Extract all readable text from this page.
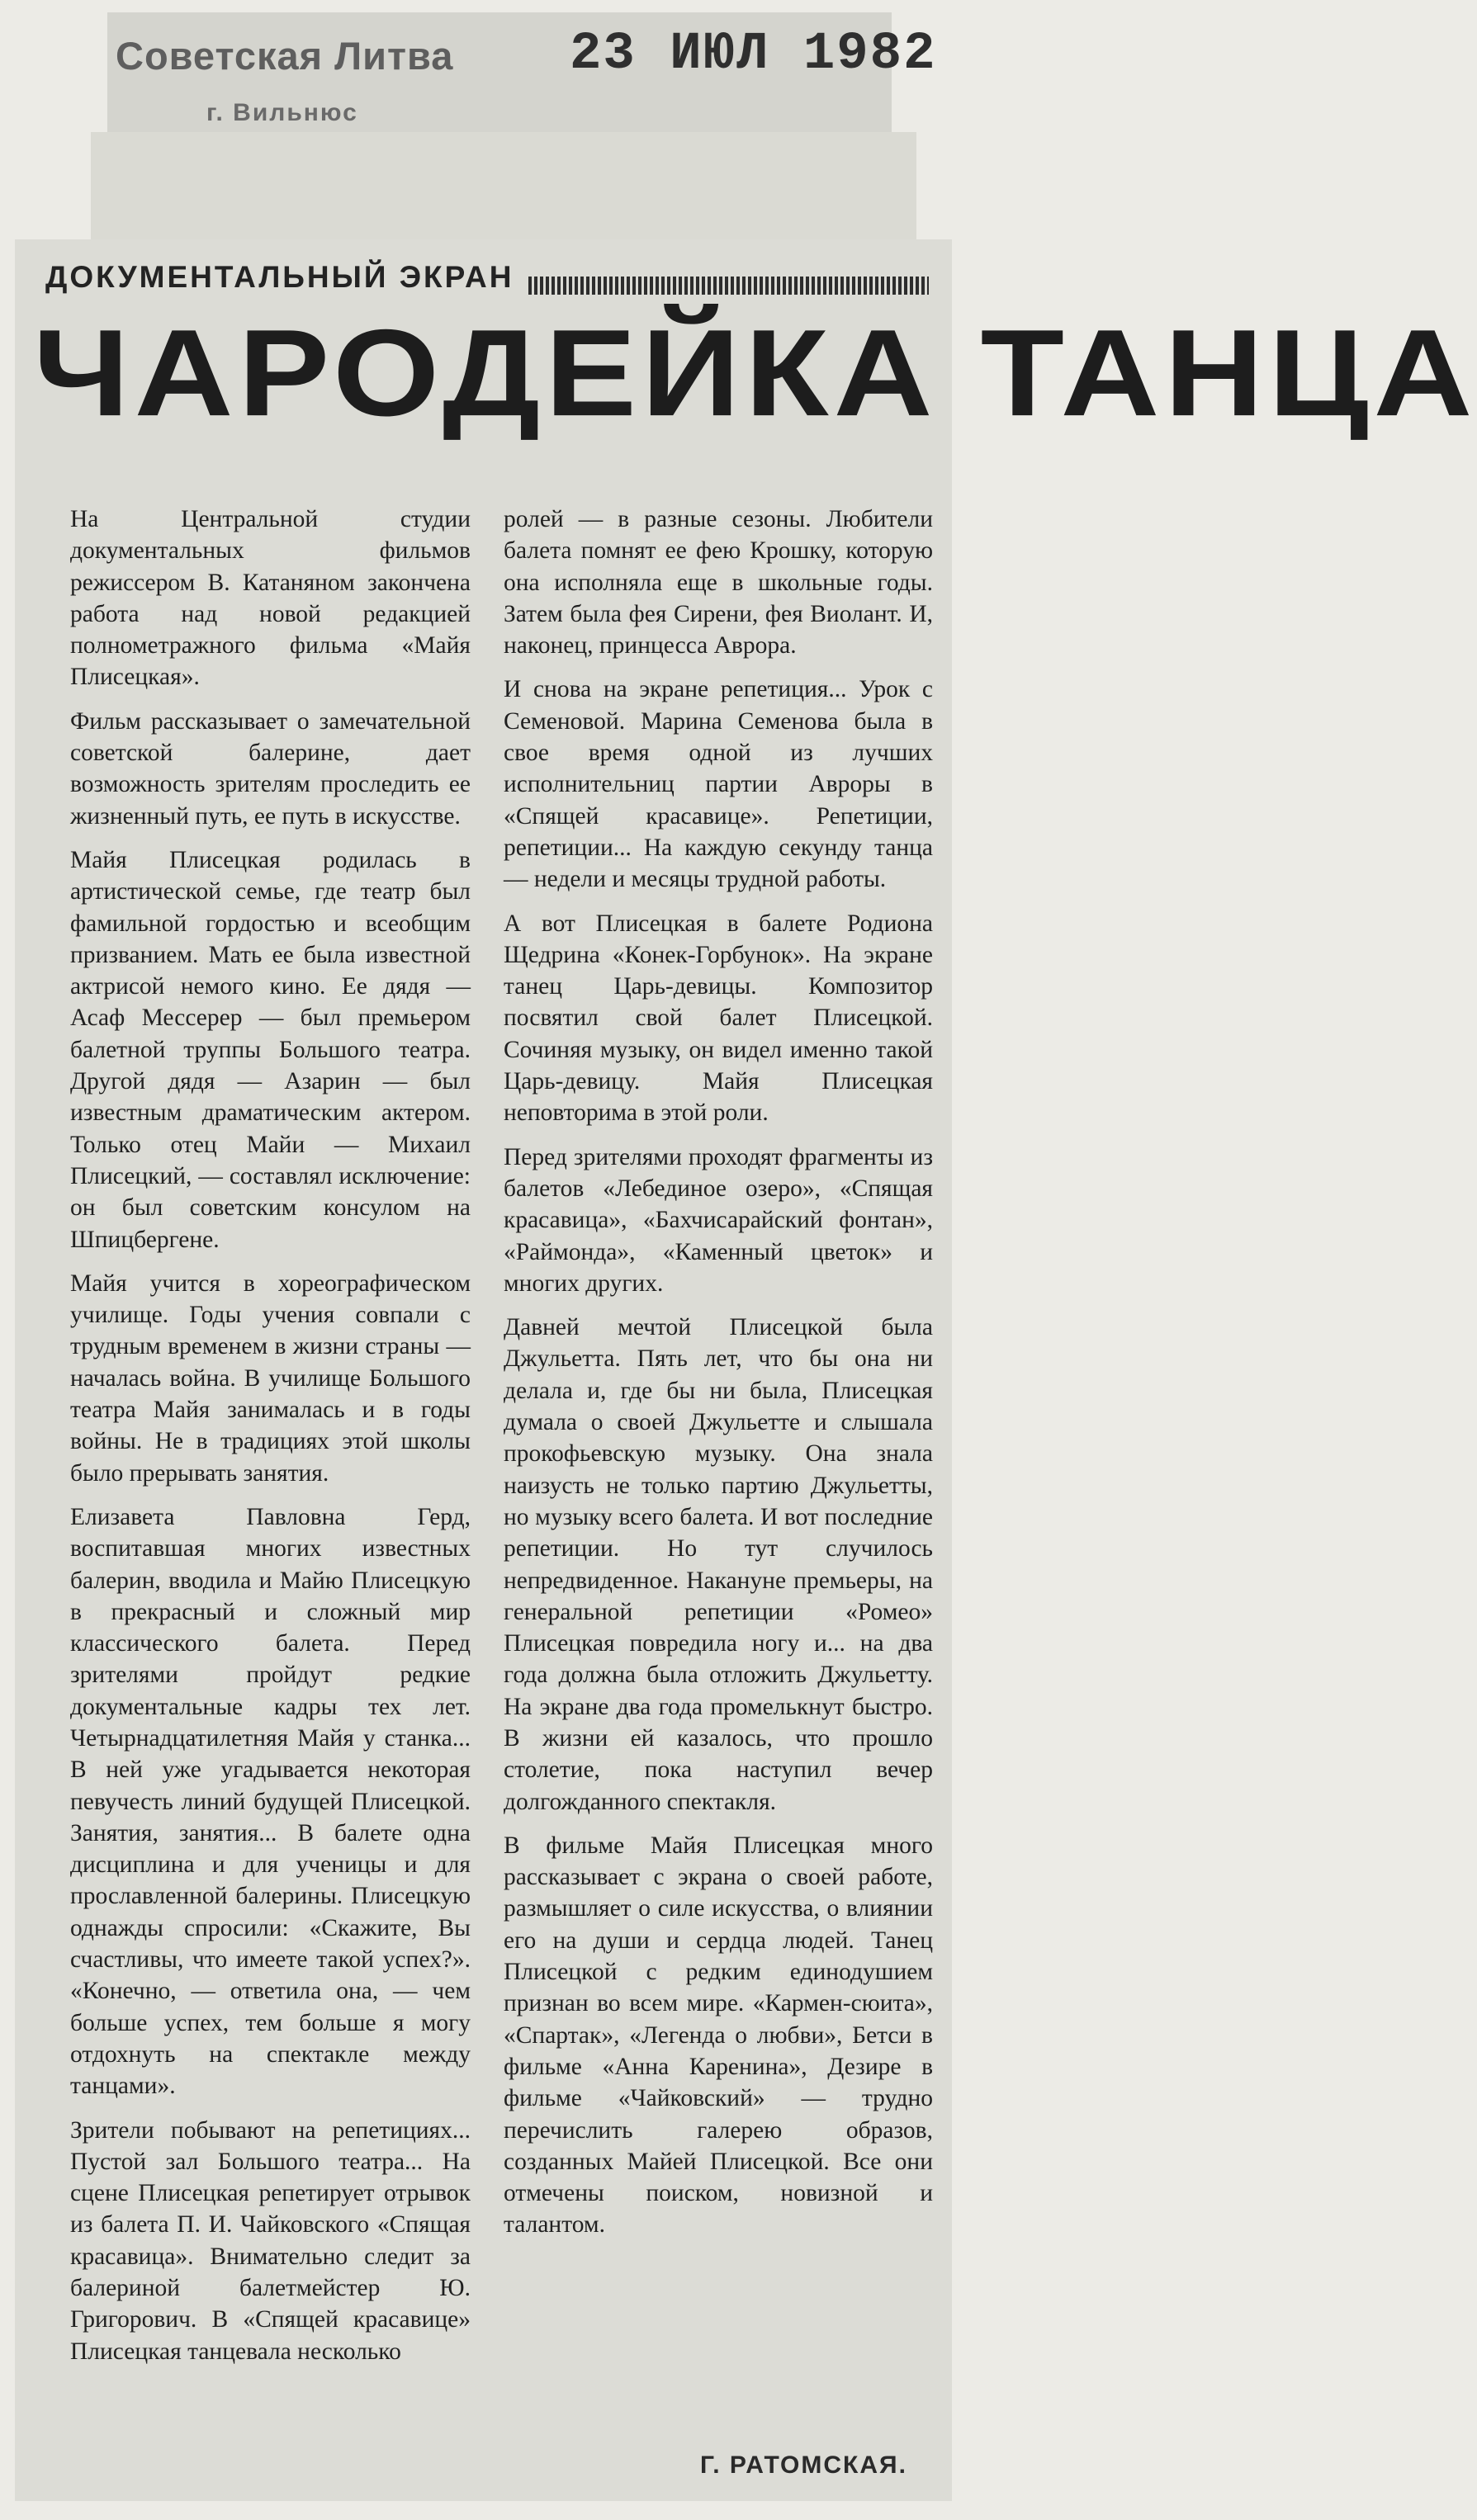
Советская Литва
г. Вильнюс
23 ИЮЛ 1982
ДОКУМЕНТАЛЬНЫЙ ЭКРАН
ЧАРОДЕЙКА ТАНЦА

На Центральной студии документальных фильмов режиссером В. Катаняном закончена работа над новой редакцией полнометражного фильма «Майя Плисецкая».

Фильм рассказывает о замечательной советской балерине, дает возможность зрителям проследить ее жизненный путь, ее путь в искусстве.

Майя Плисецкая родилась в артистической семье, где театр был фамильной гордостью и всеобщим призванием. Мать ее была известной актрисой немого кино. Ее дядя — Асаф Мессерер — был премьером балетной труппы Большого театра. Другой дядя — Азарин — был известным драматическим актером. Только отец Майи — Михаил Плисецкий, — составлял исключение: он был советским консулом на Шпицбергене.

Майя учится в хореографическом училище. Годы учения совпали с трудным временем в жизни страны — началась война. В училище Большого театра Майя занималась и в годы войны. Не в традициях этой школы было прерывать занятия.

Елизавета Павловна Герд, воспитавшая многих известных балерин, вводила и Майю Плисецкую в прекрасный и сложный мир классического балета. Перед зрителями пройдут редкие документальные кадры тех лет. Четырнадцатилетняя Майя у станка... В ней уже угадывается некоторая певучесть линий будущей Плисецкой. Занятия, занятия... В балете одна дисциплина и для ученицы и для прославленной балерины. Плисецкую однажды спросили: «Скажите, Вы счастливы, что имеете такой успех?». «Конечно, — ответила она, — чем больше успех, тем больше я могу отдохнуть на спектакле между танцами».

Зрители побывают на репетициях... Пустой зал Большого театра... На сцене Плисецкая репетирует отрывок из балета П. И. Чайковского «Спящая красавица». Внимательно следит за балериной балетмейстер Ю. Григорович. В «Спящей красавице» Плисецкая танцевала несколько

ролей — в разные сезоны. Любители балета помнят ее фею Крошку, которую она исполняла еще в школьные годы. Затем была фея Сирени, фея Виолант. И, наконец, принцесса Аврора.

И снова на экране репетиция... Урок с Семеновой. Марина Семенова была в свое время одной из лучших исполнительниц партии Авроры в «Спящей красавице». Репетиции, репетиции... На каждую секунду танца — недели и месяцы трудной работы.

А вот Плисецкая в балете Родиона Щедрина «Конек-Горбунок». На экране танец Царь-девицы. Композитор посвятил свой балет Плисецкой. Сочиняя музыку, он видел именно такой Царь-девицу. Майя Плисецкая неповторима в этой роли.

Перед зрителями проходят фрагменты из балетов «Лебединое озеро», «Спящая красавица», «Бахчисарайский фонтан», «Раймонда», «Каменный цветок» и многих других.

Давней мечтой Плисецкой была Джульетта. Пять лет, что бы она ни делала и, где бы ни была, Плисецкая думала о своей Джульетте и слышала прокофьевскую музыку. Она знала наизусть не только партию Джульетты, но музыку всего балета. И вот последние репетиции. Но тут случилось непредвиденное. Накануне премьеры, на генеральной репетиции «Ромео» Плисецкая повредила ногу и... на два года должна была отложить Джульетту. На экране два года промелькнут быстро. В жизни ей казалось, что прошло столетие, пока наступил вечер долгожданного спектакля.

В фильме Майя Плисецкая много рассказывает с экрана о своей работе, размышляет о силе искусства, о влиянии его на души и сердца людей. Танец Плисецкой с редким единодушием признан во всем мире. «Кармен-сюита», «Спартак», «Легенда о любви», Бетси в фильме «Анна Каренина», Дезире в фильме «Чайковский» — трудно перечислить галерею образов, созданных Майей Плисецкой. Все они отмечены поиском, новизной и талантом.

Г. РАТОМСКАЯ.
